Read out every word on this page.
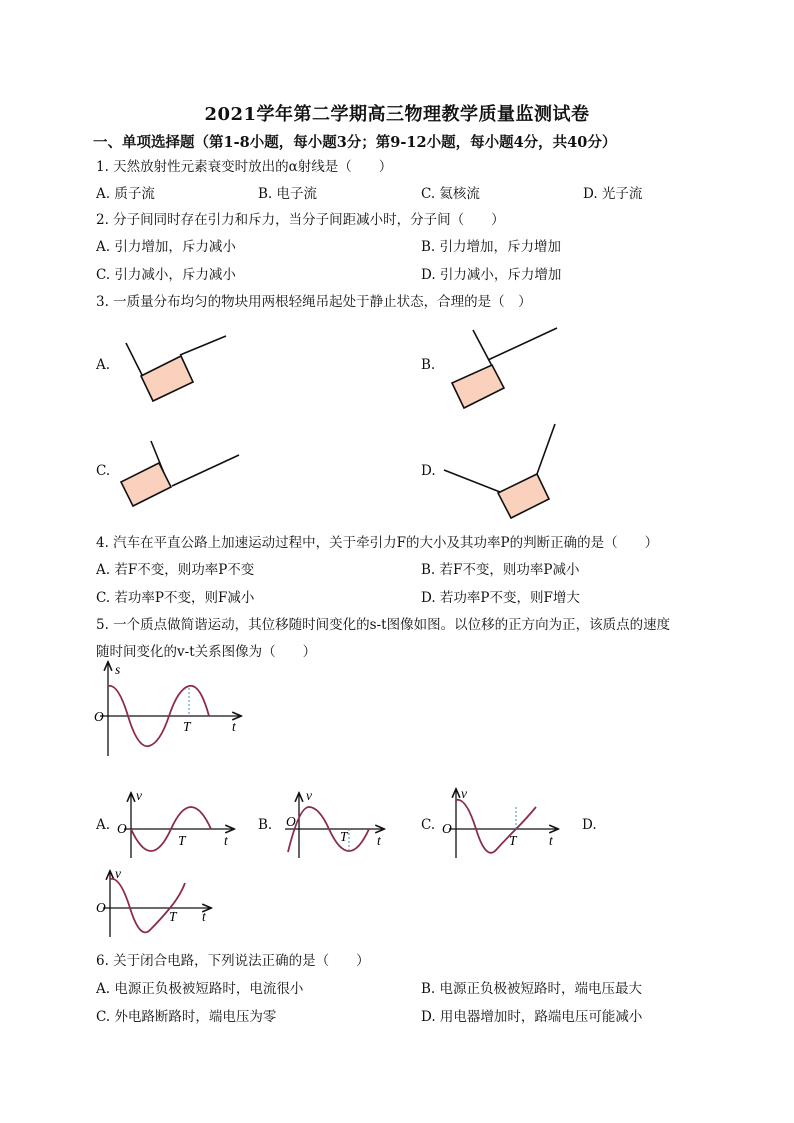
2021学年第二学期高三物理教学质量监测试卷
一、单项选择题（第1-8小题，每小题3分；第9-12小题，每小题4分，共40分）
1. 天然放射性元素衰变时放出的α射线是（　　）
A. 质子流	B. 电子流	C. 氦核流	D. 光子流
2. 分子间同时存在引力和斥力，当分子间距减小时，分子间（　　）
A. 引力增加，斥力减小	B. 引力增加，斥力增加
C. 引力减小，斥力减小	D. 引力减小，斥力增加
3. 一质量分布均匀的物块用两根轻绳吊起处于静止状态，合理的是（　）
A.	B.
C.	D.
4. 汽车在平直公路上加速运动过程中，关于牵引力F的大小及其功率P的判断正确的是（　　）
A. 若F不变，则功率P不变	B. 若F不变，则功率P减小
C. 若功率P不变，则F减小	D. 若功率P不变，则F增大
5. 一个质点做简谐运动，其位移随时间变化的s-t图像如图。以位移的正方向为正，该质点的速度
随时间变化的v-t关系图像为（　　）
s
O
T	t
v
O
T	t
v
O
T t
v
O
T t
v
O
T t
A.	B.	C.	D.
6. 关于闭合电路，下列说法正确的是（　　）
A. 电源正负极被短路时，电流很小	B. 电源正负极被短路时，端电压最大
C. 外电路断路时，端电压为零	D. 用电器增加时，路端电压可能减小
